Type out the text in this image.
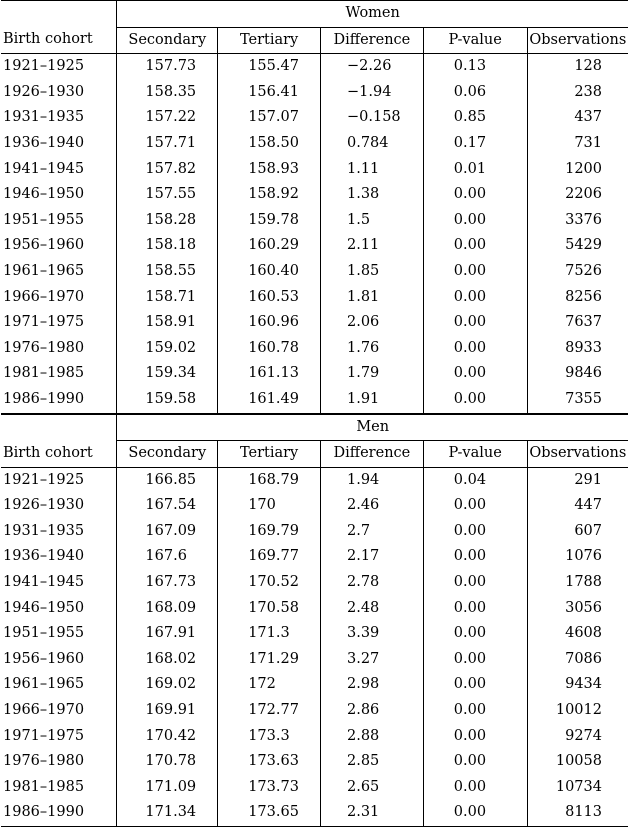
	Women				
Birth cohort	Secondary	Tertiary	Difference	P-value	Observations
1921–1925	157.73	155.47	−2.26	0.13	128
1926–1930	158.35	156.41	−1.94	0.06	238
1931–1935	157.22	157.07	−0.158	0.85	437
1936–1940	157.71	158.50	0.784	0.17	731
1941–1945	157.82	158.93	1.11	0.01	1200
1946–1950	157.55	158.92	1.38	0.00	2206
1951–1955	158.28	159.78	1.5	0.00	3376
1956–1960	158.18	160.29	2.11	0.00	5429
1961–1965	158.55	160.40	1.85	0.00	7526
1966–1970	158.71	160.53	1.81	0.00	8256
1971–1975	158.91	160.96	2.06	0.00	7637
1976–1980	159.02	160.78	1.76	0.00	8933
1981–1985	159.34	161.13	1.79	0.00	9846
1986–1990	159.58	161.49	1.91	0.00	7355
	Men				
Birth cohort	Secondary	Tertiary	Difference	P-value	Observations
1921–1925	166.85	168.79	1.94	0.04	291
1926–1930	167.54	170	2.46	0.00	447
1931–1935	167.09	169.79	2.7	0.00	607
1936–1940	167.6	169.77	2.17	0.00	1076
1941–1945	167.73	170.52	2.78	0.00	1788
1946–1950	168.09	170.58	2.48	0.00	3056
1951–1955	167.91	171.3	3.39	0.00	4608
1956–1960	168.02	171.29	3.27	0.00	7086
1961–1965	169.02	172	2.98	0.00	9434
1966–1970	169.91	172.77	2.86	0.00	10012
1971–1975	170.42	173.3	2.88	0.00	9274
1976–1980	170.78	173.63	2.85	0.00	10058
1981–1985	171.09	173.73	2.65	0.00	10734
1986–1990	171.34	173.65	2.31	0.00	8113
